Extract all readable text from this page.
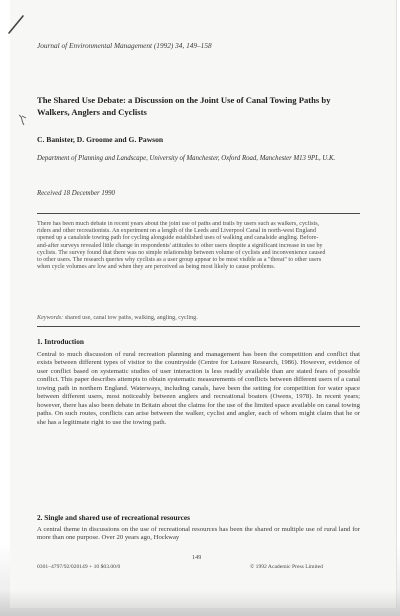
Journal of Environmental Management (1992) 34, 149–158
The Shared Use Debate: a Discussion on the Joint Use of Canal Towing Paths by Walkers, Anglers and Cyclists
C. Banister, D. Groome and G. Pawson
Department of Planning and Landscape, University of Manchester, Oxford Road, Manchester M13 9PL, U.K.
Received 18 December 1990
There has been much debate in recent years about the joint use of paths and trails by users such as walkers, cyclists, riders and other recreationists. An experiment on a length of the Leeds and Liverpool Canal in north-west England opened up a canalside towing path for cycling alongside established uses of walking and canalside angling. Before-and-after surveys revealed little change in respondents' attitudes to other users despite a significant increase in use by cyclists. The survey found that there was no simple relationship between volume of cyclists and inconvenience caused to other users. The research queries why cyclists as a user group appear to be most visible as a "threat" to other users when cycle volumes are low and when they are perceived as being most likely to cause problems.
Keywords: shared use, canal tow paths, walking, angling, cycling.
1. Introduction
Central to much discussion of rural recreation planning and management has been the competition and conflict that exists between different types of visitor to the countryside (Centre for Leisure Research, 1986). However, evidence of user conflict based on systematic studies of user interaction is less readily available than are stated fears of possible conflict. This paper describes attempts to obtain systematic measurements of conflicts between different users of a canal towing path in northern England. Waterways, including canals, have been the setting for competition for water space between different users, most noticeably between anglers and recreational boaters (Owens, 1978). In recent years; however, there has also been debate in Britain about the claims for the use of the limited space available on canal towing paths. On such routes, conflicts can arise between the walker, cyclist and angler, each of whom might claim that he or she has a legitimate right to use the towing path.
2. Single and shared use of recreational resources
A central theme in discussions on the use of recreational resources has been the shared or multiple use of rural land for more than one purpose. Over 20 years ago, Hockway
149
0301–4797/92/020149 + 10 $03.00/0	© 1992 Academic Press Limited
